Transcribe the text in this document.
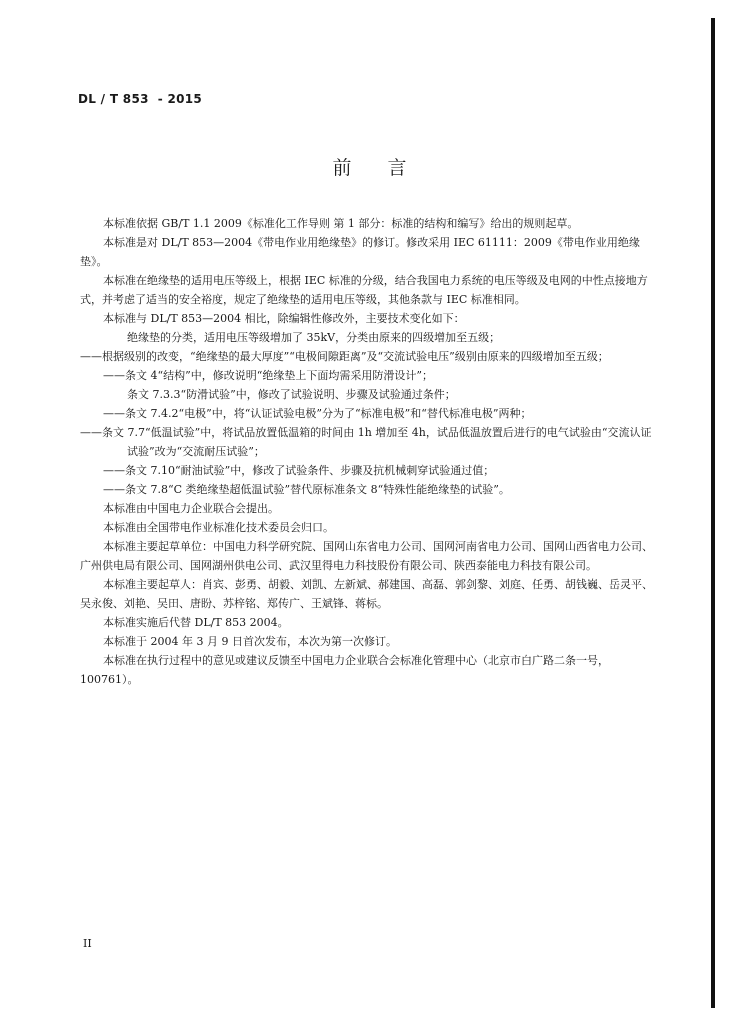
DL / T 853  - 2015
前言

本标准依据 GB/T 1.1 2009《标准化工作导则 第 1 部分：标准的结构和编写》给出的规则起草。

本标准是对 DL/T 853—2004《带电作业用绝缘垫》的修订。修改采用 IEC 61111：2009《带电作业用绝缘垫》。

本标准在绝缘垫的适用电压等级上，根据 IEC 标准的分级，结合我国电力系统的电压等级及电网的中性点接地方式，并考虑了适当的安全裕度，规定了绝缘垫的适用电压等级，其他条款与 IEC 标准相同。

本标准与 DL/T 853—2004 相比，除编辑性修改外，主要技术变化如下：

绝缘垫的分类，适用电压等级增加了 35kV，分类由原来的四级增加至五级；

——根据级别的改变，“绝缘垫的最大厚度”“电极间隙距离”及“交流试验电压”级别由原来的四级增加至五级；

——条文 4“结构”中，修改说明“绝缘垫上下面均需采用防滑设计”；

条文 7.3.3“防滑试验”中，修改了试验说明、步骤及试验通过条件；

——条文 7.4.2“电极”中，将“认证试验电极”分为了“标准电极”和“替代标准电极”两种；

——条文 7.7“低温试验”中，将试品放置低温箱的时间由 1h 增加至 4h，试品低温放置后进行的电气试验由“交流认证试验”改为“交流耐压试验”；

——条文 7.10“耐油试验”中，修改了试验条件、步骤及抗机械刺穿试验通过值；

——条文 7.8“C 类绝缘垫超低温试验”替代原标准条文 8“特殊性能绝缘垫的试验”。

本标准由中国电力企业联合会提出。

本标准由全国带电作业标准化技术委员会归口。

本标准主要起草单位：中国电力科学研究院、国网山东省电力公司、国网河南省电力公司、国网山西省电力公司、广州供电局有限公司、国网湖州供电公司、武汉里得电力科技股份有限公司、陕西泰能电力科技有限公司。

本标准主要起草人：肖宾、彭勇、胡毅、刘凯、左新斌、郝建国、高磊、郭剑黎、刘庭、任勇、胡钱巍、岳灵平、吴永俊、刘艳、吴田、唐盼、苏梓铭、郑传广、王斌锋、蒋标。

本标准实施后代替 DL/T 853 2004。

本标准于 2004 年 3 月 9 日首次发布，本次为第一次修订。

本标准在执行过程中的意见或建议反馈至中国电力企业联合会标准化管理中心（北京市白广路二条一号，100761）。

II
